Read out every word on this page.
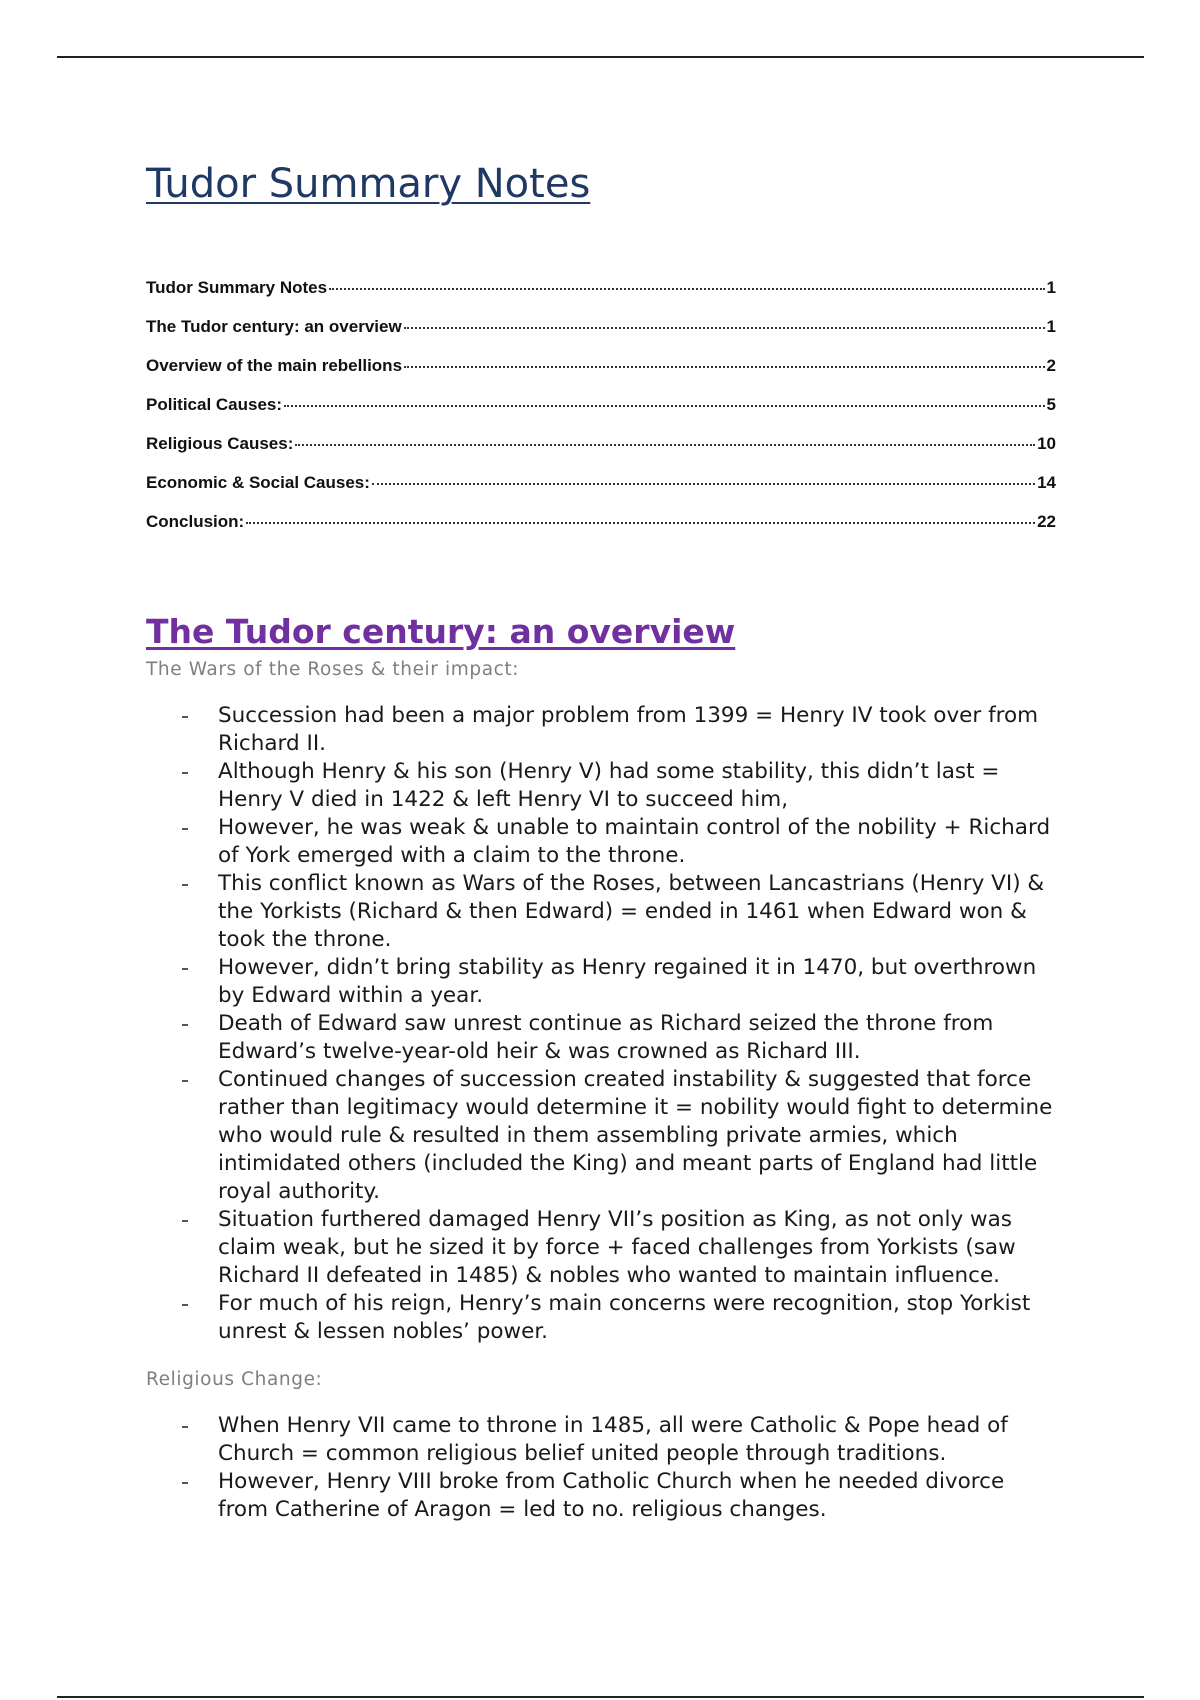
Tudor Summary Notes
Tudor Summary Notes	1
The Tudor century: an overview	1
Overview of the main rebellions	2
Political Causes:	5
Religious Causes:	10
Economic & Social Causes:	14
Conclusion:	22
The Tudor century: an overview
The Wars of the Roses & their impact:
Succession had been a major problem from 1399 = Henry IV took over from Richard II.
Although Henry & his son (Henry V) had some stability, this didn’t last = Henry V died in 1422 & left Henry VI to succeed him,
However, he was weak & unable to maintain control of the nobility + Richard of York emerged with a claim to the throne.
This conflict known as Wars of the Roses, between Lancastrians (Henry VI) & the Yorkists (Richard & then Edward) = ended in 1461 when Edward won & took the throne.
However, didn’t bring stability as Henry regained it in 1470, but overthrown by Edward within a year.
Death of Edward saw unrest continue as Richard seized the throne from Edward’s twelve-year-old heir & was crowned as Richard III.
Continued changes of succession created instability & suggested that force rather than legitimacy would determine it = nobility would fight to determine who would rule & resulted in them assembling private armies, which intimidated others (included the King) and meant parts of England had little royal authority.
Situation furthered damaged Henry VII’s position as King, as not only was claim weak, but he sized it by force + faced challenges from Yorkists (saw Richard II defeated in 1485) & nobles who wanted to maintain influence.
For much of his reign, Henry’s main concerns were recognition, stop Yorkist unrest & lessen nobles’ power.
Religious Change:
When Henry VII came to throne in 1485, all were Catholic & Pope head of Church = common religious belief united people through traditions.
However, Henry VIII broke from Catholic Church when he needed divorce from Catherine of Aragon = led to no. religious changes.
